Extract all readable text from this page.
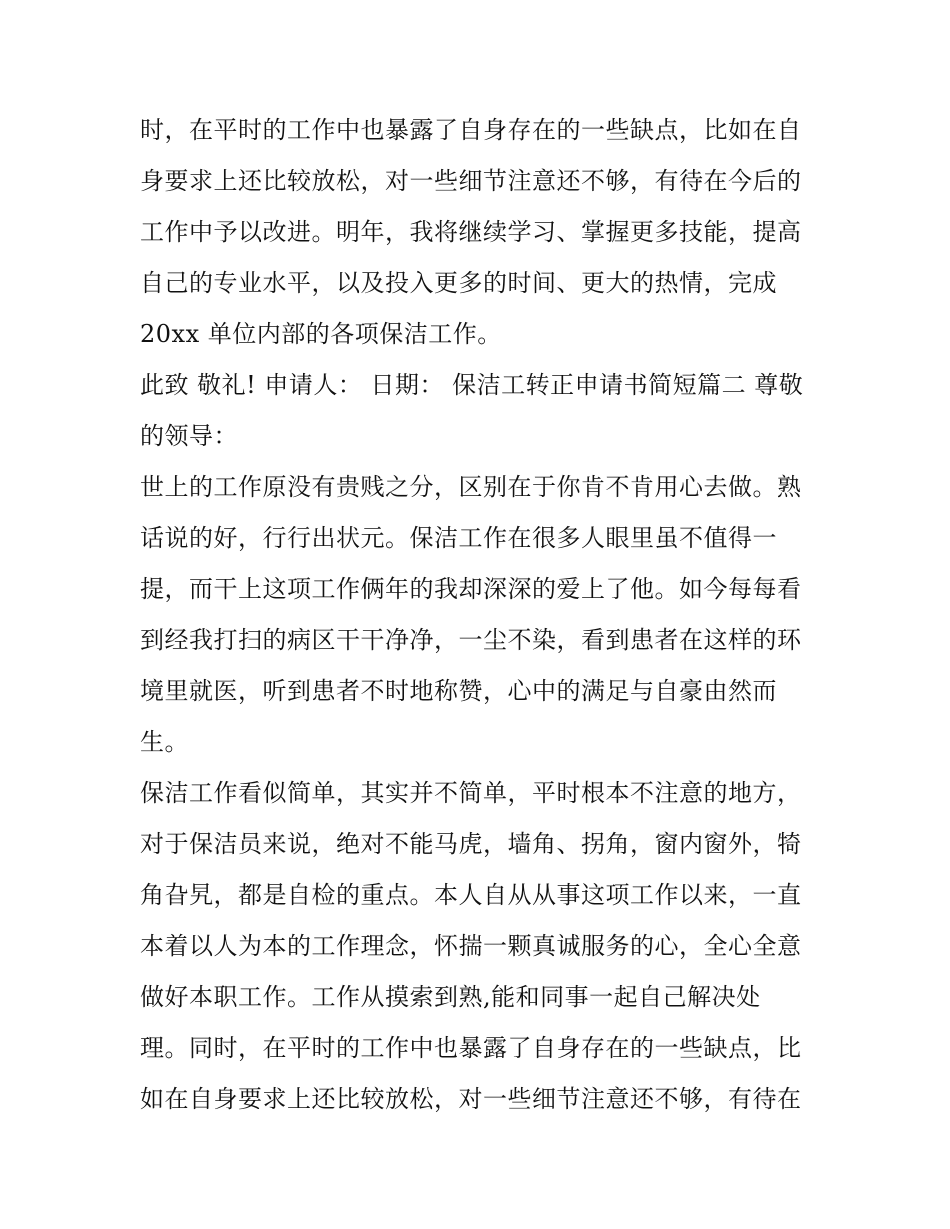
时，在平时的工作中也暴露了自身存在的一些缺点，比如在自
身要求上还比较放松，对一些细节注意还不够，有待在今后的
工作中予以改进。明年，我将继续学习、掌握更多技能，提高
自己的专业水平，以及投入更多的时间、更大的热情，完成
20xx 单位内部的各项保洁工作。
此致 敬礼! 申请人： 日期： 保洁工转正申请书简短篇二 尊敬
的领导：
世上的工作原没有贵贱之分，区别在于你肯不肯用心去做。熟
话说的好，行行出状元。保洁工作在很多人眼里虽不值得一
提，而干上这项工作俩年的我却深深的爱上了他。如今每每看
到经我打扫的病区干干净净，一尘不染，看到患者在这样的环
境里就医，听到患者不时地称赞，心中的满足与自豪由然而
生。
保洁工作看似简单，其实并不简单，平时根本不注意的地方，
对于保洁员来说，绝对不能马虎，墙角、拐角，窗内窗外，犄
角旮旯，都是自检的重点。本人自从从事这项工作以来，一直
本着以人为本的工作理念，怀揣一颗真诚服务的心，全心全意
做好本职工作。工作从摸索到熟,能和同事一起自己解决处
理。同时，在平时的工作中也暴露了自身存在的一些缺点，比
如在自身要求上还比较放松，对一些细节注意还不够，有待在
